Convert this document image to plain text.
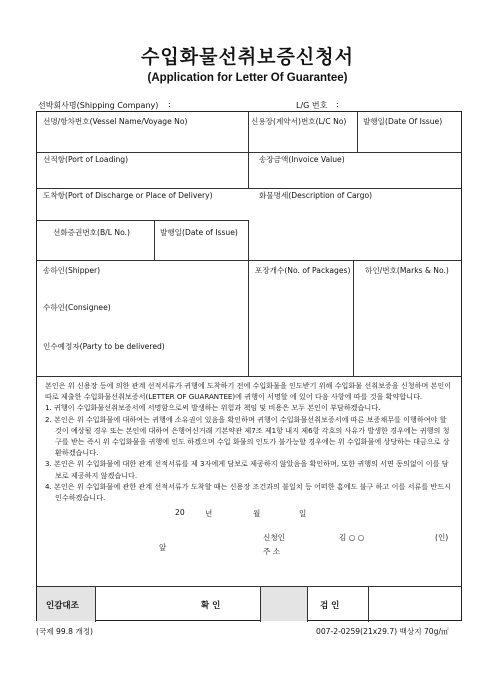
수입화물선취보증신청서
(Application for Letter Of Guarantee)
선박회사명(Shipping Company) :	L/G 번호 :
선명/항차번호(Vessel Name/Voyage No)	신용장(계약서)번호(L/C No) 발행일(Date Of Issue)
선적항(Port of Loading)	송장금액(Invoice Value)
도착항(Port of Discharge or Place of Delivery)	화물명세(Description of Cargo)
선화증권번호(B/L No.)	발행일(Date of Issue)
송하인(Shipper)	포장개수(No. of Packages) 하인/번호(Marks & No.)
수하인(Consignee)
인수예정자(Party to be delivered)

본인은 위 신용장 등에 의한 관계 선적서류가 귀행에 도착하기 전에 수입화물을 인도받기 위해 수입화물 선취보증을 신청하며 본인이 따로 제출한 수입화물선취보증서(LETTER OF GUARANTEE)에 귀행이 서명할 에 있어 다음 사항에 따를 것을 확약합니다.

1. 귀행이 수입화물선취보증서에 서명함으로써 발생하는 위험과 책임 및 비용은 모두 본인이 부담하겠습니다.

2. 본인은 위 수입화물에 대하여는 귀행에 소유권이 있음을 확인하며 귀행이 수입화물선취보증서에 따른 보증채무를 이행하여야 할 것이 예상될 경우 또는 본인에 대하여 은행여신거래 기본약관 제7조 제1항 내지 제6항 각호의 사유가 발생한 경우에는 귀행의 청구를 받는 즉시 위 수입화물을 귀행에 인도 하겠으며 수입 화물의 인도가 불가능할 경우에는 위 수입화물에 상당하는 대금으로 상환하겠습니다.

3. 본인은 위 수입화물에 대한 관계 선적서류를 제 3자에게 담보로 제공하지 않았음을 확인하며, 또한 귀행의 서면 동의없이 이를 담보로 제공하지 않겠습니다.

4. 본인은 위 수입화물에 관한 관계 선적서류가 도착할 때는 신용장 조건과의 불일치 등 어떠한 흠에도 불구 하고 이를 서류를 반드시 인수하겠습니다.

20	년	월	일
앞
신청인
주 소
김 ○ ○	(인)
인감대조	확 인	검 인
(국제 99.8 개정)	007-2-0259(21x29.7) 백상지 70g/㎡
